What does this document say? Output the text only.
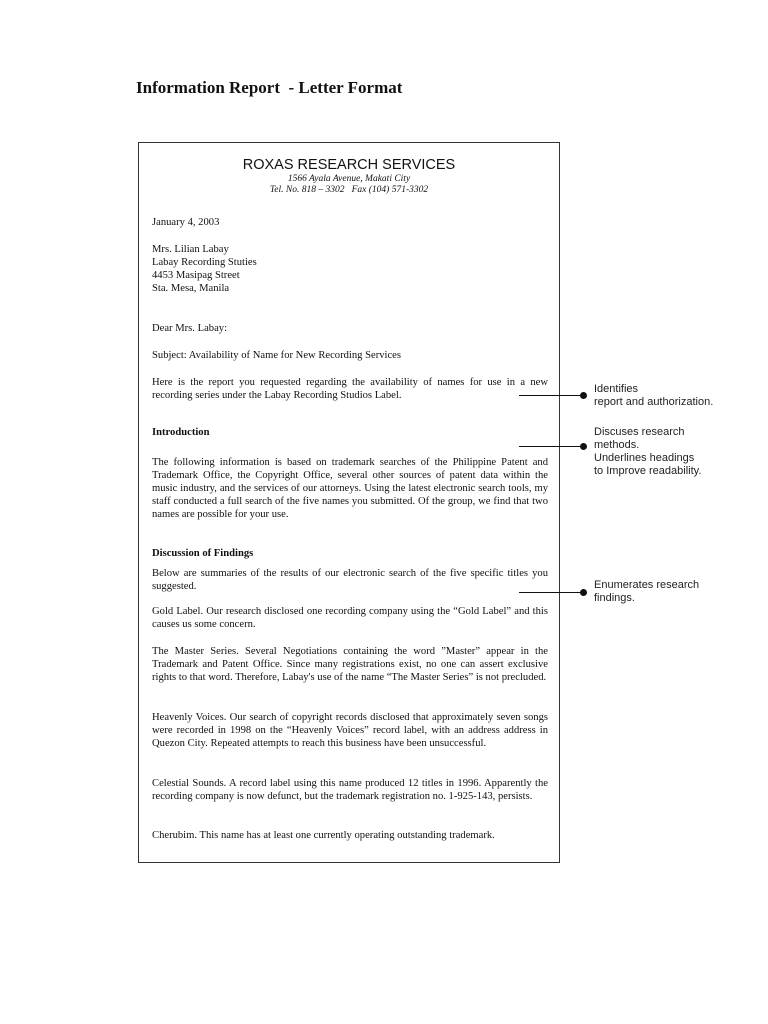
Information Report  - Letter Format
ROXAS RESEARCH SERVICES
1566 Ayala Avenue, Makati City
Tel. No. 818 – 3302   Fax (104) 571-3302
January 4, 2003
Mrs. Lilian Labay
Labay Recording Stuties
4453 Masipag Street
Sta. Mesa, Manila
Dear Mrs. Labay:
Subject: Availability of Name for New Recording Services
Here is the report you requested regarding the availability of names for use in a new recording series under the Labay Recording Studios Label.
Introduction
The following information is based on trademark searches of the Philippine Patent and Trademark Office, the Copyright Office, several other sources of patent data within the music industry, and the services of our attorneys. Using the latest electronic search tools, my staff conducted a full search of the five names you submitted. Of the group, we find that two names are possible for your use.
Discussion of Findings
Below are summaries of the results of our electronic search of the five specific titles you suggested.
Gold Label. Our research disclosed one recording company using the “Gold Label” and this causes us some concern.
The Master Series. Several Negotiations containing the word ”Master” appear in the Trademark and Patent Office. Since many registrations exist, no one can assert exclusive rights to that word. Therefore, Labay's use of the name “The Master Series” is not precluded.
Heavenly Voices. Our search of copyright records disclosed that approximately seven songs were recorded in 1998 on the “Heavenly Voices” record label, with an address address in Quezon City. Repeated attempts to reach this business have been unsuccessful.
Celestial Sounds. A record label using this name produced 12 titles in 1996. Apparently the recording company is now defunct, but the trademark registration no. 1-925-143, persists.
Cherubim. This name has at least one currently operating outstanding trademark.
Identifies
report and authorization.
Discuses research
methods.
Underlines headings
to Improve readability.
Enumerates research
findings.
